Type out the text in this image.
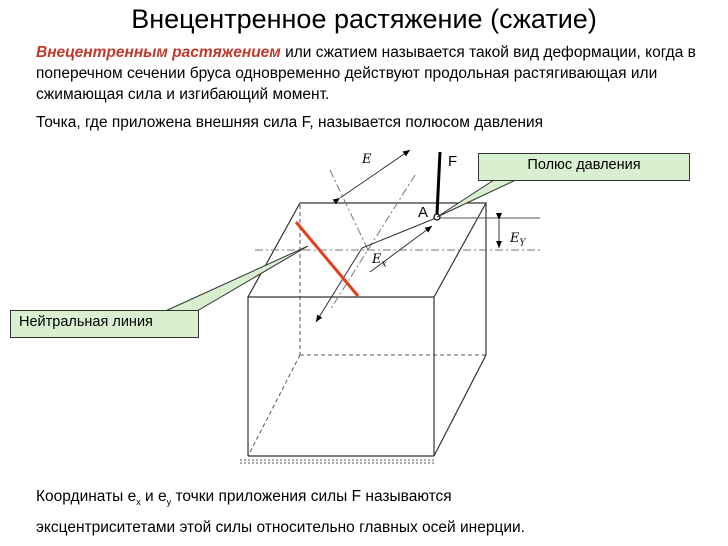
Внецентренное растяжение (сжатие)
Внецентренным растяжением или сжатием называется такой вид деформации, когда в поперечном сечении бруса одновременно действуют продольная растягивающая или сжимающая сила и изгибающий момент.
Точка, где приложена внешняя сила F, называется полюсом давления
F
A
E
$E_x$
$E_Y$
Полюс давления
Нейтральная линия
Координаты $e_x$ и $e_y$ точки приложения силы F называются
эксцентриситетами этой силы относительно главных осей инерции.
